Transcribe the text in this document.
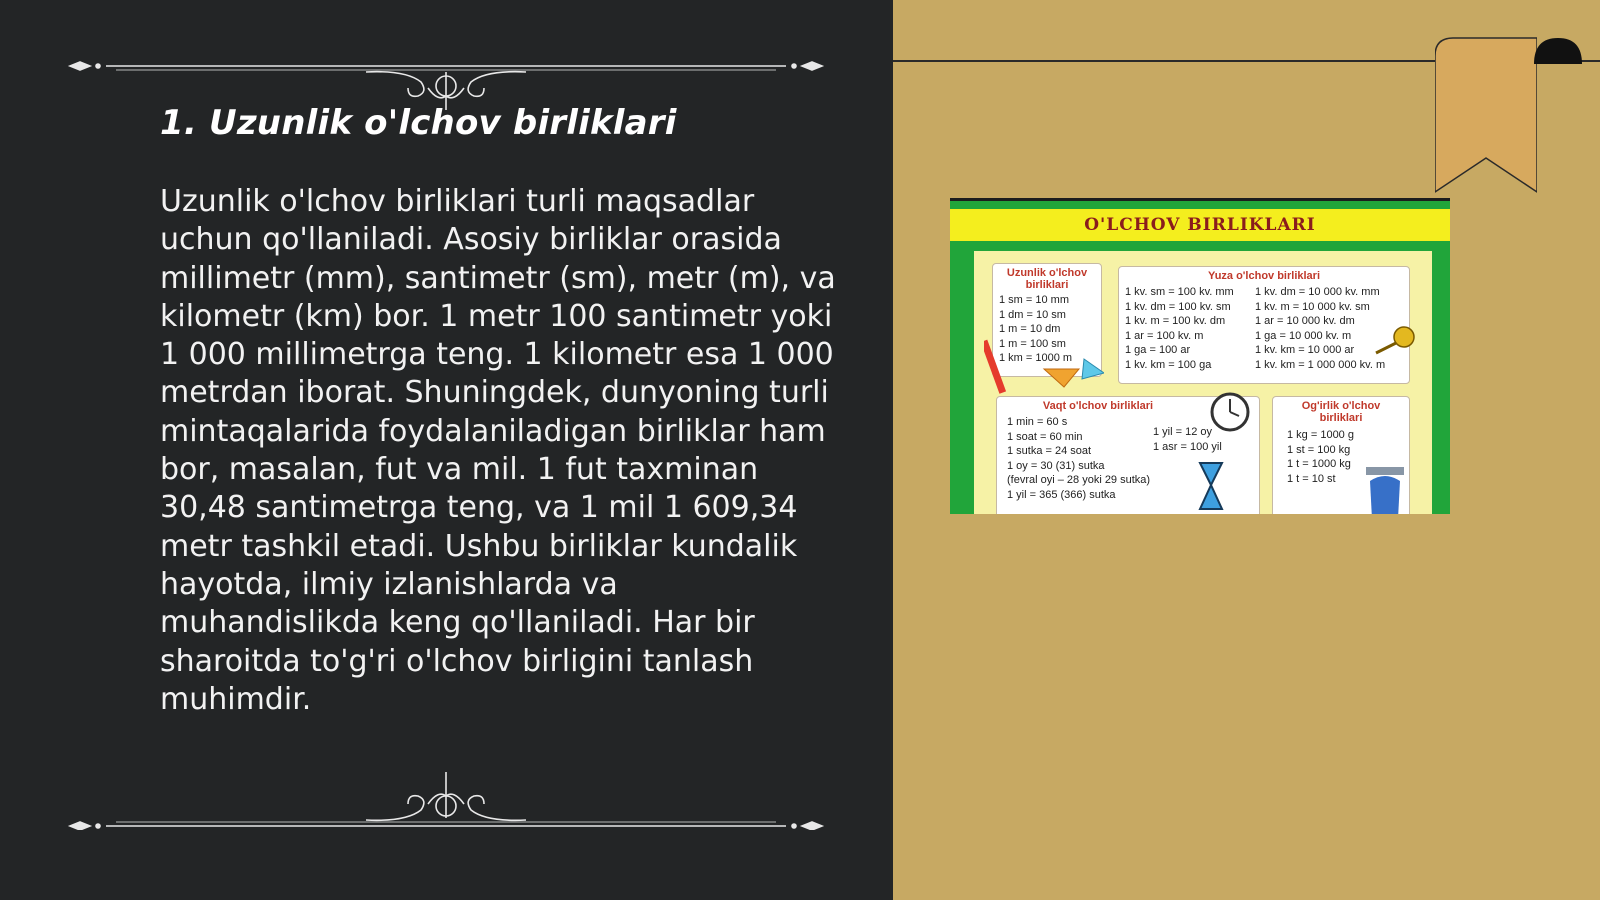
1. Uzunlik o'lchov birliklari

Uzunlik o'lchov birliklari turli maqsadlar uchun qo'llaniladi. Asosiy birliklar orasida millimetr (mm), santimetr (sm), metr (m), va kilometr (km) bor. 1 metr 100 santimetr yoki 1 000 millimetrga teng. 1 kilometr esa 1 000 metrdan iborat. Shuningdek, dunyoning turli mintaqalarida foydalaniladigan birliklar ham bor, masalan, fut va mil. 1 fut taxminan 30,48 santimetrga teng, va 1 mil 1 609,34 metr tashkil etadi. Ushbu birliklar kundalik hayotda, ilmiy izlanishlarda va muhandislikda keng qo'llaniladi. Har bir sharoitda to'g'ri o'lchov birligini tanlash muhimdir.

O'LCHOV BIRLIKLARI
Uzunlik o'lchov birliklari
1 sm = 10 mm
1 dm = 10 sm
1 m = 10 dm
1 m = 100 sm
1 km = 1000 m
Yuza o'lchov birliklari
1 kv. sm = 100 kv. mm
1 kv. dm = 100 kv. sm
1 kv. m = 100 kv. dm
1 ar = 100 kv. m
1 ga = 100 ar
1 kv. km = 100 ga
1 kv. dm = 10 000 kv. mm
1 kv. m = 10 000 kv. sm
1 ar = 10 000 kv. dm
1 ga = 10 000 kv. m
1 kv. km = 10 000 ar
1 kv. km = 1 000 000 kv. m
Vaqt o'lchov birliklari
1 min = 60 s
1 soat = 60 min
1 sutka = 24 soat
1 oy = 30 (31) sutka
(fevral oyi – 28 yoki 29 sutka)
1 yil = 365 (366) sutka
1 yil = 12 oy
1 asr = 100 yil
Og'irlik o'lchov birliklari
1 kg = 1000 g
1 st = 100 kg
1 t = 1000 kg
1 t = 10 st
